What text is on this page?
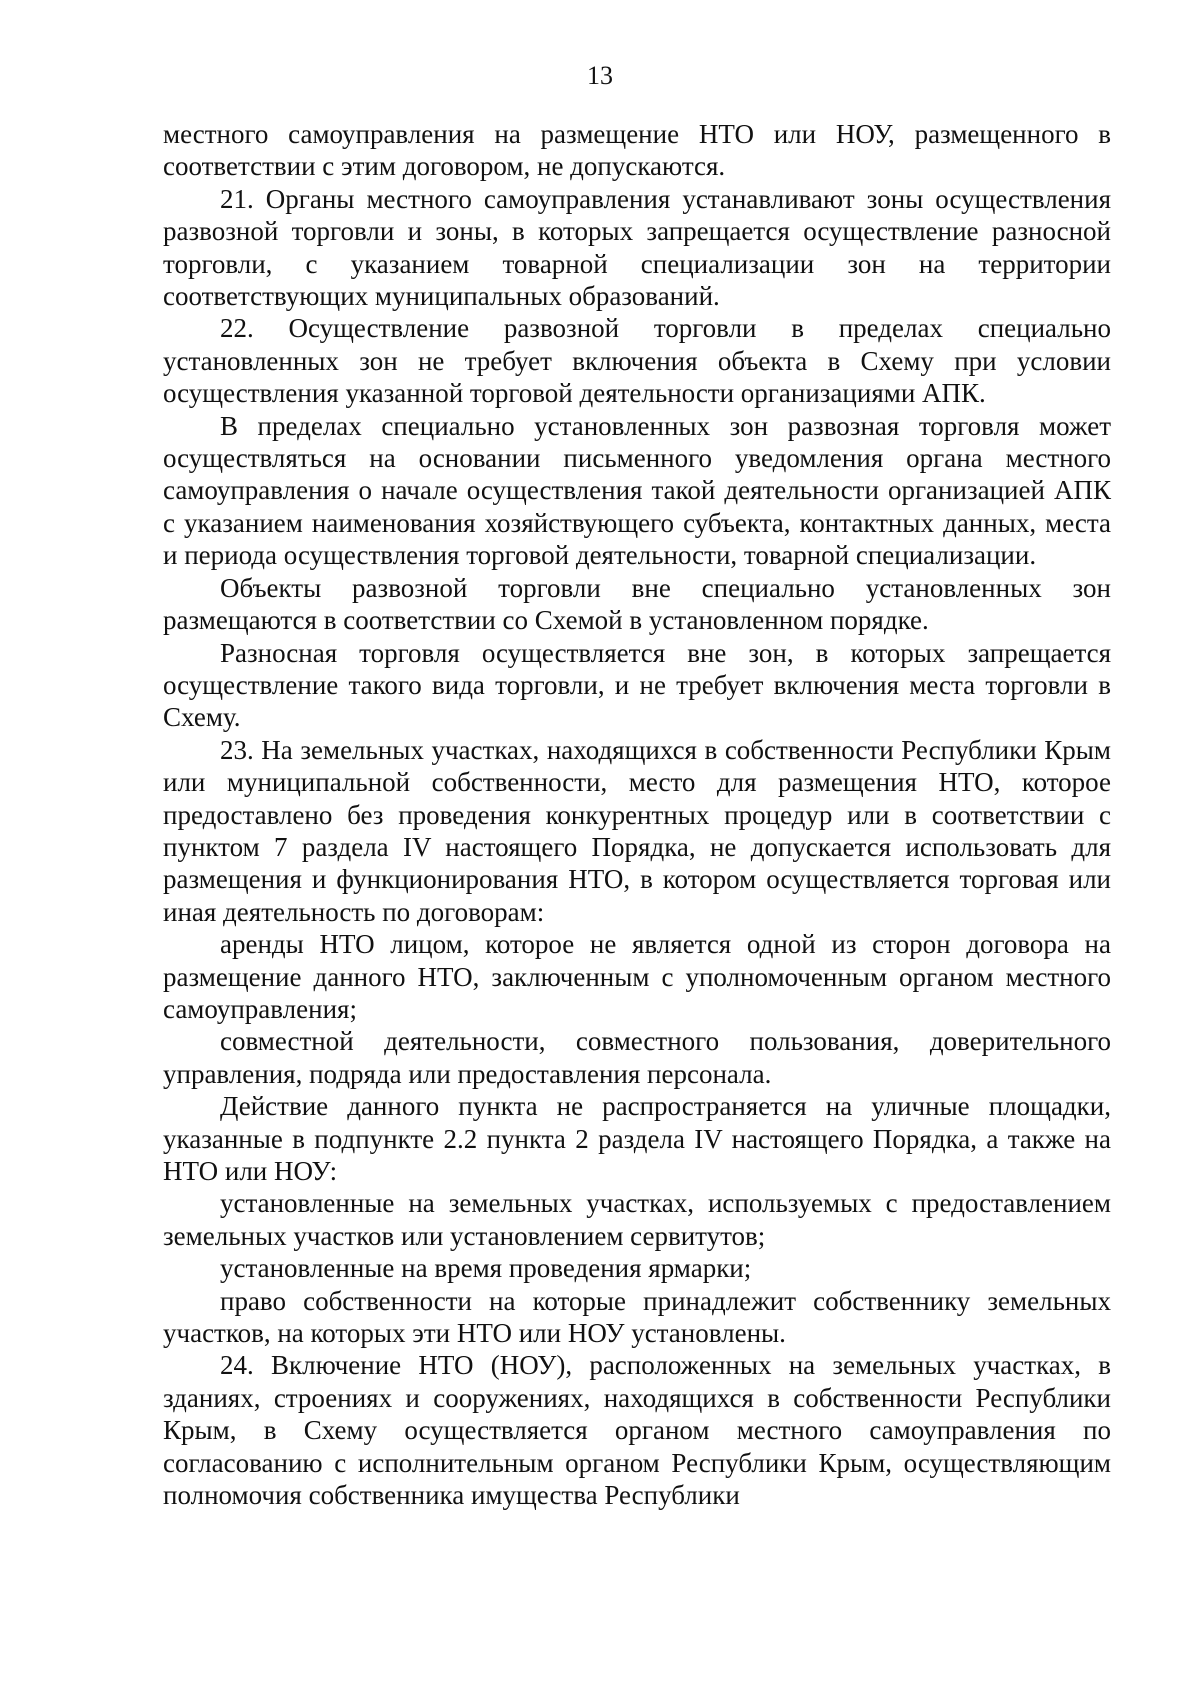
13

местного самоуправления на размещение НТО или НОУ, размещенного в соответствии с этим договором, не допускаются.

21. Органы местного самоуправления устанавливают зоны осуществления развозной торговли и зоны, в которых запрещается осуществление разносной торговли, с указанием товарной специализации зон на территории соответствующих муниципальных образований.

22. Осуществление развозной торговли в пределах специально установленных зон не требует включения объекта в Схему при условии осуществления указанной торговой деятельности организациями АПК.

В пределах специально установленных зон развозная торговля может осуществляться на основании письменного уведомления органа местного самоуправления о начале осуществления такой деятельности организацией АПК с указанием наименования хозяйствующего субъекта, контактных данных, места и периода осуществления торговой деятельности, товарной специализации.

Объекты развозной торговли вне специально установленных зон размещаются в соответствии со Схемой в установленном порядке.

Разносная торговля осуществляется вне зон, в которых запрещается осуществление такого вида торговли, и не требует включения места торговли в Схему.

23. На земельных участках, находящихся в собственности Республики Крым или муниципальной собственности, место для размещения НТО, которое предоставлено без проведения конкурентных процедур или в соответствии с пунктом 7 раздела IV настоящего Порядка, не допускается использовать для размещения и функционирования НТО, в котором осуществляется торговая или иная деятельность по договорам:

аренды НТО лицом, которое не является одной из сторон договора на размещение данного НТО, заключенным с уполномоченным органом местного самоуправления;

совместной деятельности, совместного пользования, доверительного управления, подряда или предоставления персонала.

Действие данного пункта не распространяется на уличные площадки, указанные в подпункте 2.2 пункта 2 раздела IV настоящего Порядка, а также на НТО или НОУ:

установленные на земельных участках, используемых с предоставлением земельных участков или установлением сервитутов;

установленные на время проведения ярмарки;

право собственности на которые принадлежит собственнику земельных участков, на которых эти НТО или НОУ установлены.

24. Включение НТО (НОУ), расположенных на земельных участках, в зданиях, строениях и сооружениях, находящихся в собственности Республики Крым, в Схему осуществляется органом местного самоуправления по согласованию с исполнительным органом Республики Крым, осуществляющим полномочия собственника имущества Республики
